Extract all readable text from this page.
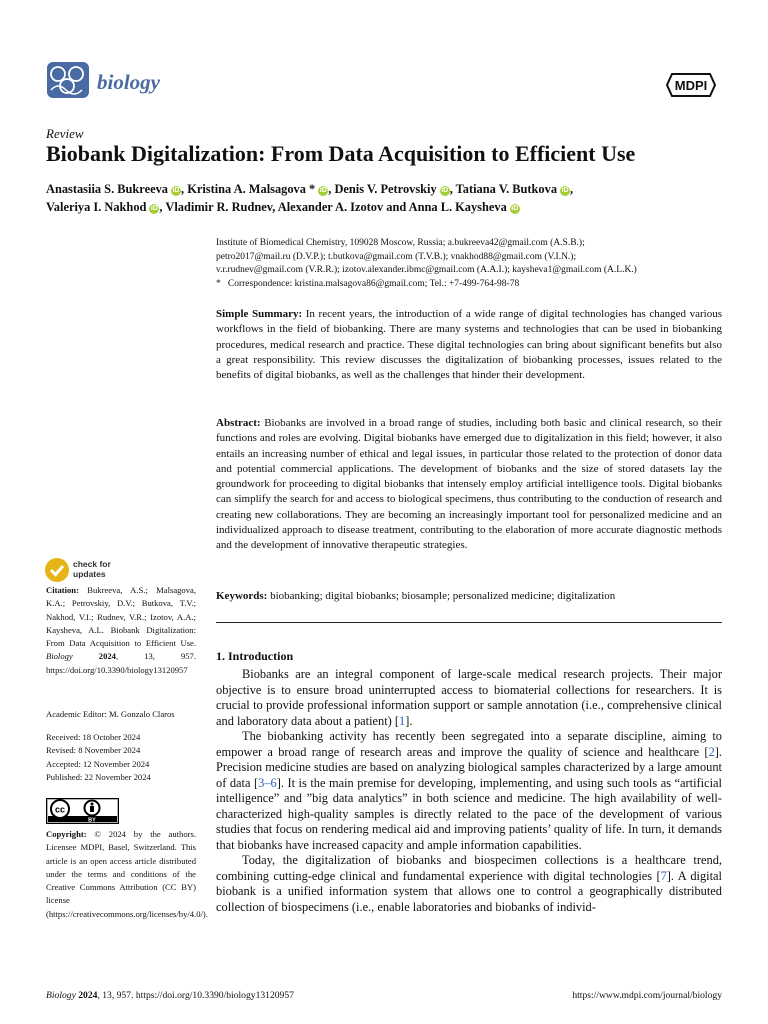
biology	MDPI
Review
Biobank Digitalization: From Data Acquisition to Efficient Use
Anastasiia S. Bukreeva iD , Kristina A. Malsagova * iD , Denis V. Petrovskiy iD , Tatiana V. Butkova iD ,
Valeriya I. Nakhod iD , Vladimir R. Rudnev, Alexander A. Izotov and Anna L. Kaysheva iD
Institute of Biomedical Chemistry, 109028 Moscow, Russia; a.bukreeva42@gmail.com (A.S.B.);
petro2017@mail.ru (D.V.P.); t.butkova@gmail.com (T.V.B.); vnakhod88@gmail.com (V.I.N.);
v.r.rudnev@gmail.com (V.R.R.); izotov.alexander.ibmc@gmail.com (A.A.I.); kaysheva1@gmail.com (A.L.K.)
*   Correspondence: kristina.malsagova86@gmail.com; Tel.: +7-499-764-98-78
Simple Summary: In recent years, the introduction of a wide range of digital technologies has changed various workflows in the field of biobanking. There are many systems and technologies that can be used in biobanking procedures, medical research and practice. These digital technologies can bring about significant benefits but also a great responsibility. This review discusses the digitalization of biobanking processes, issues related to the benefits of digital biobanks, as well as the challenges that hinder their development.
Abstract: Biobanks are involved in a broad range of studies, including both basic and clinical research, so their functions and roles are evolving. Digital biobanks have emerged due to digitalization in this field; however, it also entails an increasing number of ethical and legal issues, in particular those related to the protection of donor data and potential commercial applications. The development of biobanks and the size of stored datasets lay the groundwork for proceeding to digital biobanks that intensely employ artificial intelligence tools. Digital biobanks can simplify the search for and access to biological specimens, thus contributing to the conduction of research and creating new collaborations. They are becoming an increasingly important tool for personalized medicine and an individualized approach to disease treatment, contributing to the elaboration of more accurate diagnostic methods and the development of innovative therapeutic strategies.
Keywords: biobanking; digital biobanks; biosample; personalized medicine; digitalization
1. Introduction

Biobanks are an integral component of large-scale medical research projects. Their major objective is to ensure broad uninterrupted access to biomaterial collections for researchers. It is crucial to provide professional information support or sample annotation (i.e., comprehensive clinical and laboratory data about a patient) [1].

The biobanking activity has recently been segregated into a separate discipline, aiming to empower a broad range of research areas and improve the quality of science and healthcare [2]. Precision medicine studies are based on analyzing biological samples characterized by a large amount of data [3–6]. It is the main premise for developing, implementing, and using such tools as “artificial intelligence” and ”big data analytics” in both science and medicine. The high availability of well-characterized high-quality samples is directly related to the pace of the development of various studies that focus on rendering medical aid and improving patients’ quality of life. In turn, it demands that biobanks have increased capacity and ample information capabilities.

Today, the digitalization of biobanks and biospecimen collections is a healthcare trend, combining cutting-edge clinical and fundamental experience with digital technologies [7]. A digital biobank is a unified information system that allows one to control a geographically distributed collection of biospecimens (i.e., enable laboratories and biobanks of individ-

check for
updates
Citation: Bukreeva, A.S.; Malsagova, K.A.; Petrovskiy, D.V.; Butkova, T.V.; Nakhod, V.I.; Rudnev, V.R.; Izotov, A.A.; Kaysheva, A.L. Biobank Digitalization: From Data Acquisition to Efficient Use. Biology	2024, 13, 957. https://doi.org/10.3390/biology13120957
Academic Editor: M. Gonzalo Claros
Received: 18 October 2024
Revised: 8 November 2024
Accepted: 12 November 2024
Published: 22 November 2024
cc
BY
Copyright: © 2024 by the authors. Licensee MDPI, Basel, Switzerland. This article is an open access article distributed under the terms and conditions of the Creative Commons Attribution (CC BY) license (https://creativecommons.org/licenses/by/4.0/).
Biology 2024, 13, 957. https://doi.org/10.3390/biology13120957	https://www.mdpi.com/journal/biology
